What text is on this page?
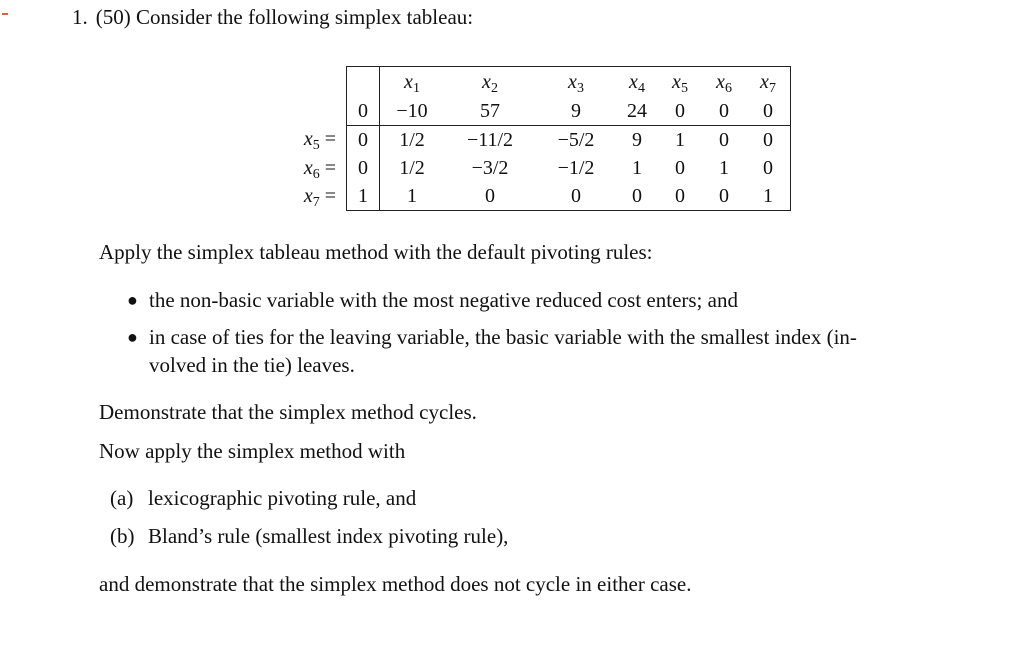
1. (50) Consider the following simplex tableau:
		$x_1$	$x_2$	$x_3$	$x_4$	$x_5$	$x_6$	$x_7$
	0	−10	57	9	24	0	0	0
$x_5$ =	0	1/2	−11/2	−5/2	9	1	0	0
$x_6$ =	0	1/2	−3/2	−1/2	1	0	1	0
$x_7$ =	1	1	0	0	0	0	0	1
Apply the simplex tableau method with the default pivoting rules:
● the non-basic variable with the most negative reduced cost enters; and
● in case of ties for the leaving variable, the basic variable with the smallest index (in-
volved in the tie) leaves.
Demonstrate that the simplex method cycles.
Now apply the simplex method with
(a) lexicographic pivoting rule, and
(b) Bland’s rule (smallest index pivoting rule),
and demonstrate that the simplex method does not cycle in either case.
